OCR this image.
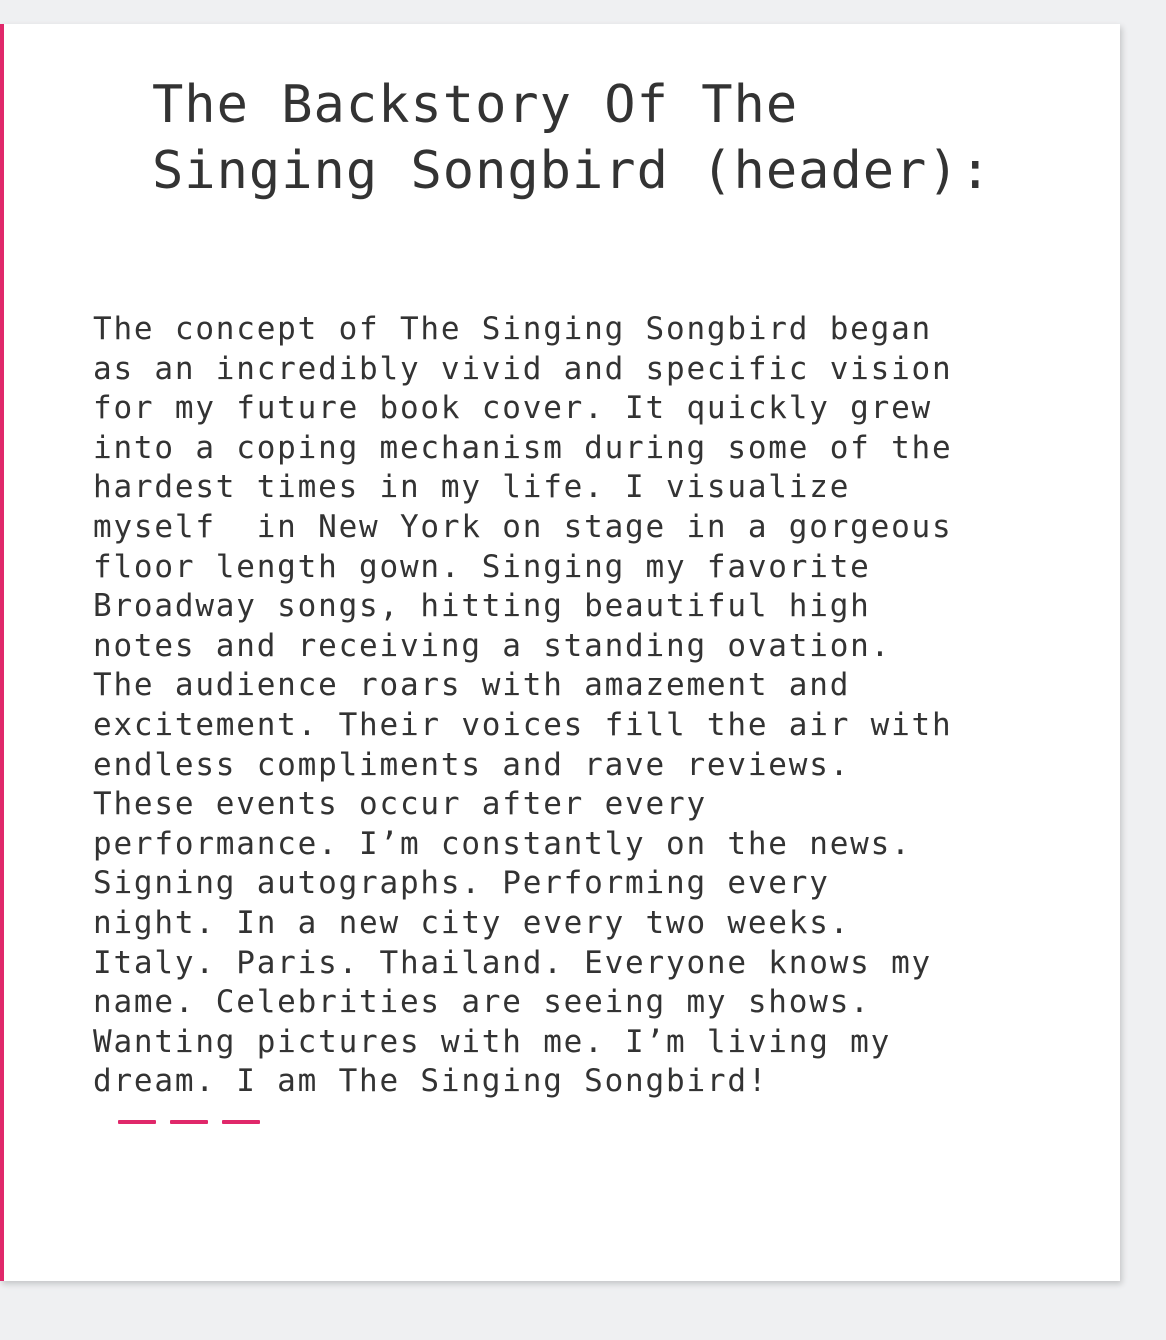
The Backstory Of The
Singing Songbird (header):

The concept of The Singing Songbird began
as an incredibly vivid and specific vision
for my future book cover. It quickly grew
into a coping mechanism during some of the
hardest times in my life. I visualize
myself  in New York on stage in a gorgeous
floor length gown. Singing my favorite
Broadway songs, hitting beautiful high
notes and receiving a standing ovation.
The audience roars with amazement and
excitement. Their voices fill the air with
endless compliments and rave reviews.
These events occur after every
performance. I’m constantly on the news.
Signing autographs. Performing every
night. In a new city every two weeks.
Italy. Paris. Thailand. Everyone knows my
name. Celebrities are seeing my shows.
Wanting pictures with me. I’m living my
dream. I am The Singing Songbird!
